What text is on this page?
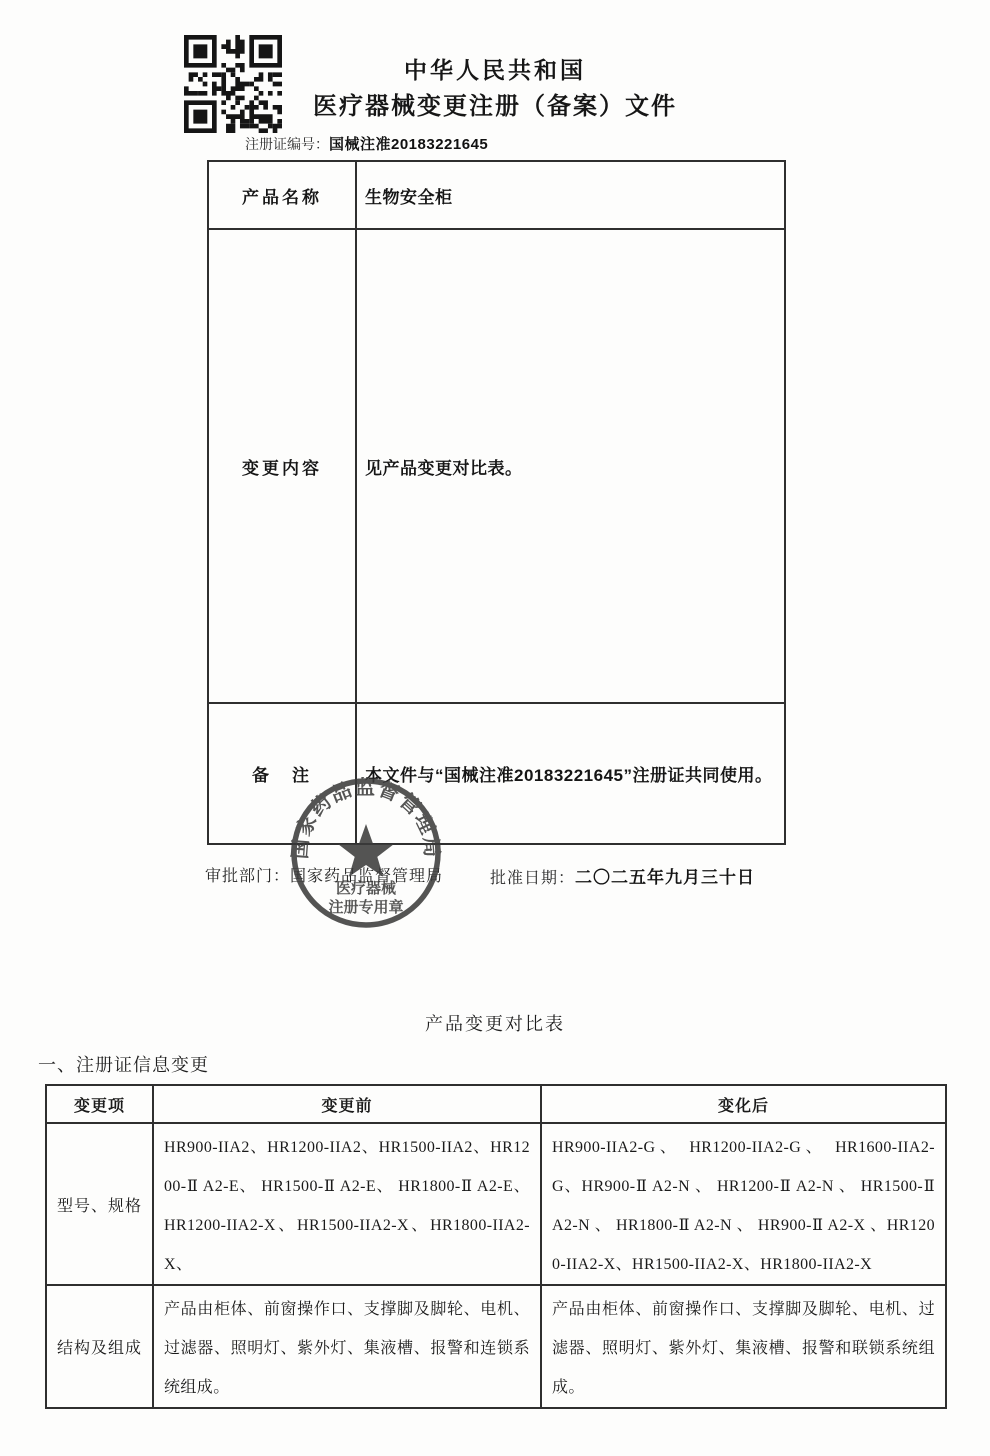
中华人民共和国
医疗器械变更注册（备案）文件
注册证编号：国械注准20183221645
产品名称	生物安全柜
变更内容	见产品变更对比表。
备　注	本文件与“国械注准20183221645”注册证共同使用。
审批部门：国家药品监督管理局	批准日期：二〇二五年九月三十日
国家药品监督管理局
医疗器械
注册专用章
产品变更对比表
一、注册证信息变更
变更项	变更前	变化后
型号、规格	HR900-IIA2、HR1200-IIA2、HR1500-IIA2、HR1200-Ⅱ A2-E、 HR1500-Ⅱ A2-E、 HR1800-Ⅱ A2-E、HR1200-IIA2-X、HR1500-IIA2-X、HR1800-IIA2-X、	HR900-IIA2-G、 HR1200-IIA2-G、 HR1600-IIA2-G、HR900-Ⅱ A2-N 、 HR1200-Ⅱ A2-N 、 HR1500-Ⅱ A2-N 、 HR1800-Ⅱ A2-N 、 HR900-Ⅱ A2-X 、HR1200-IIA2-X、HR1500-IIA2-X、HR1800-IIA2-X
结构及组成	产品由柜体、前窗操作口、支撑脚及脚轮、电机、过滤器、照明灯、紫外灯、集液槽、报警和连锁系统组成。	产品由柜体、前窗操作口、支撑脚及脚轮、电机、过滤器、照明灯、紫外灯、集液槽、报警和联锁系统组成。
